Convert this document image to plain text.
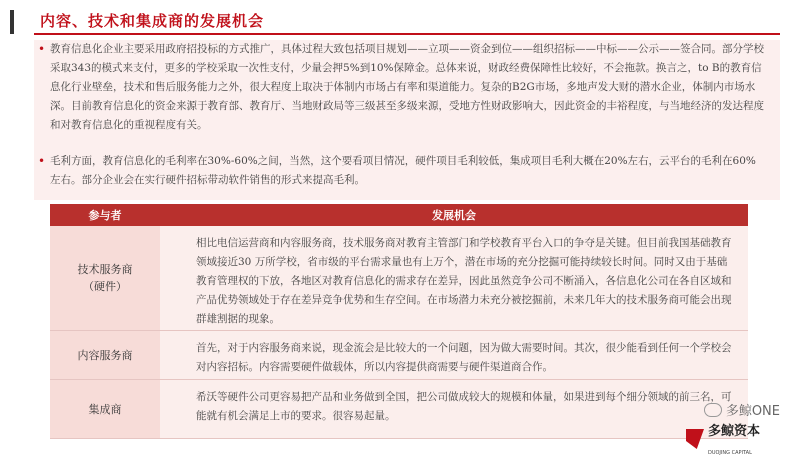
内容、技术和集成商的发展机会
• 教育信息化企业主要采用政府招投标的方式推广，具体过程大致包括项目规划——立项——资金到位——组织招标——中标——公示——签合同。部分学校采取343的模式来支付，更多的学校采取一次性支付，少量会押5%到10%保障金。总体来说，财政经费保障性比较好，不会拖款。换言之，to B的教育信息化行业壁垒，技术和售后服务能力之外，很大程度上取决于体制内市场占有率和渠道能力。复杂的B2G市场，多地声发大财的潜水企业，体制内市场水深。目前教育信息化的资金来源于教育部、教育厅、当地财政局等三级甚至多级来源，受地方性财政影响大，因此资金的丰裕程度，与当地经济的发达程度和对教育信息化的重视程度有关。
• 毛利方面，教育信息化的毛利率在30%-60%之间，当然，这个要看项目情况，硬件项目毛利较低，集成项目毛利大概在20%左右，云平台的毛利在60%左右。部分企业会在实行硬件招标带动软件销售的形式来提高毛利。
参与者	发展机会
技术服务商
（硬件）
相比电信运营商和内容服务商，技术服务商对教育主管部门和学校教育平台入口的争夺是关键。但目前我国基础教育领域接近30 万所学校，省市级的平台需求量也有上万个，潜在市场的充分挖掘可能持续较长时间。同时又由于基础教育管理权的下放，各地区对教育信息化的需求存在差异，因此虽然竞争公司不断涌入，各信息化公司在各自区域和产品优势领域处于存在差异竞争优势和生存空间。在市场潜力未充分被挖掘前，未来几年大的技术服务商可能会出现群雄割据的现象。
内容服务商
首先，对于内容服务商来说，现金流会是比较大的一个问题，因为做大需要时间。其次，很少能看到任何一个学校会对内容招标。内容需要硬件做载体，所以内容提供商需要与硬件渠道商合作。
集成商
希沃等硬件公司更容易把产品和业务做到全国，把公司做成较大的规模和体量，如果进到每个细分领域的前三名，可能就有机会满足上市的要求。很容易起量。	多鲸ONE
多鲸资本
DUOJING CAPITAL
